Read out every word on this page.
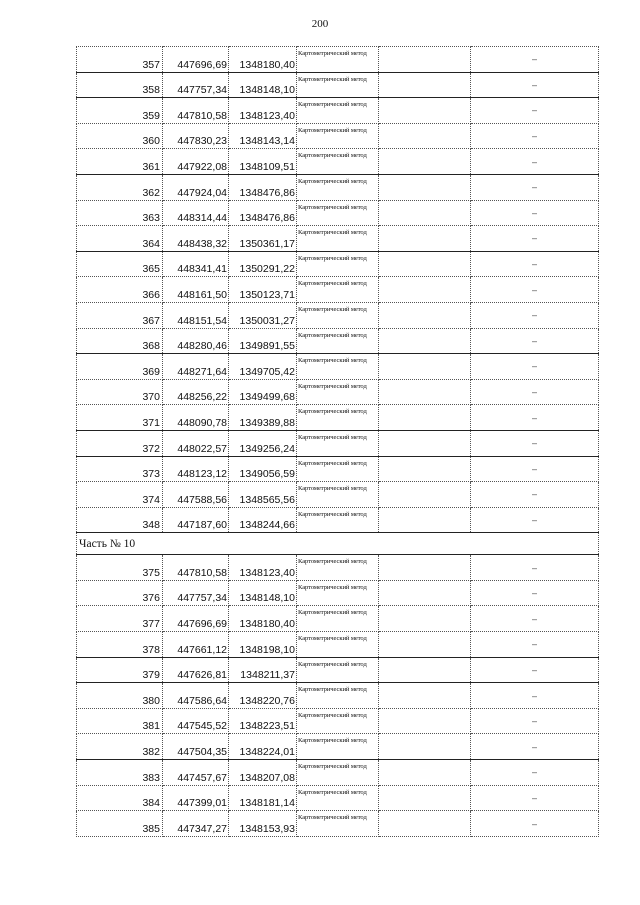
200
357	447696,69	1348180,40	Картометрический метод		–
358	447757,34	1348148,10	Картометрический метод		–
359	447810,58	1348123,40	Картометрический метод		–
360	447830,23	1348143,14	Картометрический метод		–
361	447922,08	1348109,51	Картометрический метод		–
362	447924,04	1348476,86	Картометрический метод		–
363	448314,44	1348476,86	Картометрический метод		–
364	448438,32	1350361,17	Картометрический метод		–
365	448341,41	1350291,22	Картометрический метод		–
366	448161,50	1350123,71	Картометрический метод		–
367	448151,54	1350031,27	Картометрический метод		–
368	448280,46	1349891,55	Картометрический метод		–
369	448271,64	1349705,42	Картометрический метод		–
370	448256,22	1349499,68	Картометрический метод		–
371	448090,78	1349389,88	Картометрический метод		–
372	448022,57	1349256,24	Картометрический метод		–
373	448123,12	1349056,59	Картометрический метод		–
374	447588,56	1348565,56	Картометрический метод		–
348	447187,60	1348244,66	Картометрический метод		–
Часть № 10					
375	447810,58	1348123,40	Картометрический метод		–
376	447757,34	1348148,10	Картометрический метод		–
377	447696,69	1348180,40	Картометрический метод		–
378	447661,12	1348198,10	Картометрический метод		–
379	447626,81	1348211,37	Картометрический метод		–
380	447586,64	1348220,76	Картометрический метод		–
381	447545,52	1348223,51	Картометрический метод		–
382	447504,35	1348224,01	Картометрический метод		–
383	447457,67	1348207,08	Картометрический метод		–
384	447399,01	1348181,14	Картометрический метод		–
385	447347,27	1348153,93	Картометрический метод		–
